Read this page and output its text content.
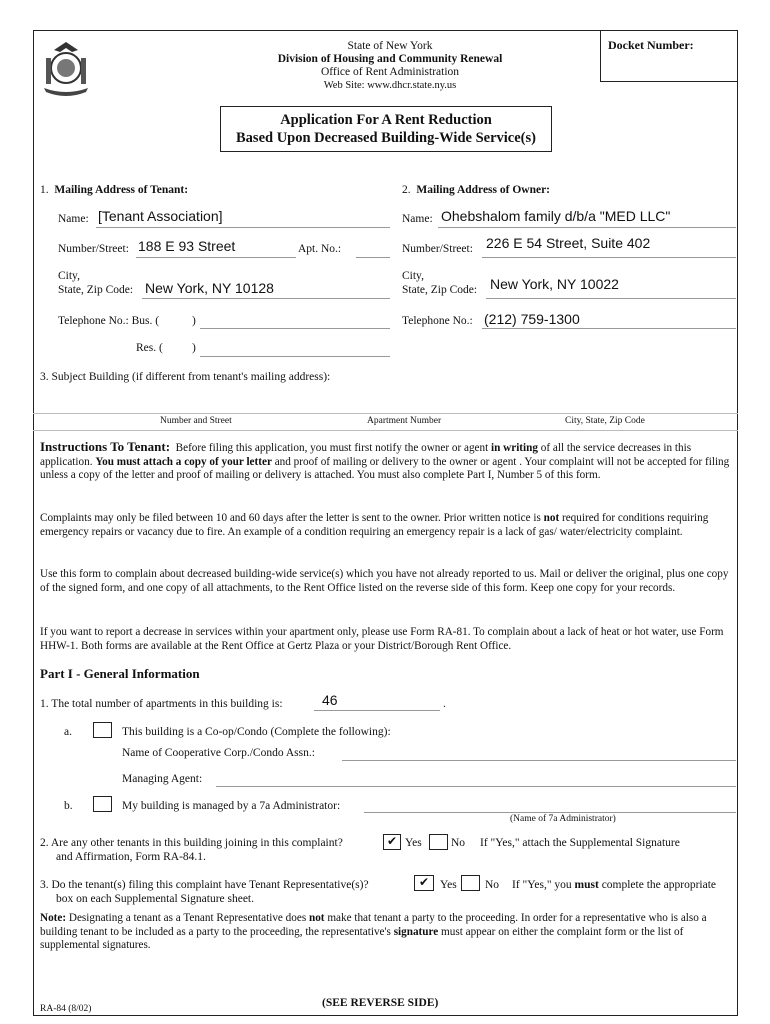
Docket Number:
State of New York
Division of Housing and Community Renewal
Office of Rent Administration
Web Site: www.dhcr.state.ny.us
Application For A Rent Reduction
Based Upon Decreased Building-Wide Service(s)
1. Mailing Address of Tenant:
Name: [Tenant Association]
Number/Street: 188 E 93 Street	Apt. No.:
City,
State, Zip Code: New York, NY 10128
Telephone No.: Bus. (	)
Res. (	)
2. Mailing Address of Owner:
Name: Ohebshalom family d/b/a "MED LLC"
Number/Street: 226 E 54 Street, Suite 402
City,
State, Zip Code: New York, NY 10022
Telephone No.: (212) 759-1300
3. Subject Building (if different from tenant's mailing address):
Number and Street	Apartment Number	City, State, Zip Code
Instructions To Tenant: Before filing this application, you must first notify the owner or agent in writing of all the service decreases in this application. You must attach a copy of your letter and proof of mailing or delivery to the owner or agent . Your complaint will not be accepted for filing unless a copy of the letter and proof of mailing or delivery is attached. You must also complete Part I, Number 5 of this form.
Complaints may only be filed between 10 and 60 days after the letter is sent to the owner. Prior written notice is not required for conditions requiring emergency repairs or vacancy due to fire. An example of a condition requiring an emergency repair is a lack of gas/ water/electricity complaint.
Use this form to complain about decreased building-wide service(s) which you have not already reported to us. Mail or deliver the original, plus one copy of the signed form, and one copy of all attachments, to the Rent Office listed on the reverse side of this form. Keep one copy for your records.
If you want to report a decrease in services within your apartment only, please use Form RA-81. To complain about a lack of heat or hot water, use Form HHW-1. Both forms are available at the Rent Office at Gertz Plaza or your District/Borough Rent Office.
Part I - General Information
1. The total number of apartments in this building is:	46	.
a.	This building is a Co-op/Condo (Complete the following):
Name of Cooperative Corp./Condo Assn.:
Managing Agent:
b.	My building is managed by a 7a Administrator:
(Name of 7a Administrator)
2. Are any other tenants in this building joining in this complaint?	✔ Yes	No If "Yes," attach the Supplemental Signature
and Affirmation, Form RA-84.1.
3. Do the tenant(s) filing this complaint have Tenant Representative(s)?	✔ Yes No If "Yes," you must complete the appropriate
box on each Supplemental Signature sheet.
Note: Designating a tenant as a Tenant Representative does not make that tenant a party to the proceeding. In order for a representative who is also a building tenant to be included as a party to the proceeding, the representative's signature must appear on either the complaint form or the list of supplemental signatures.
RA-84 (8/02)	(SEE REVERSE SIDE)
